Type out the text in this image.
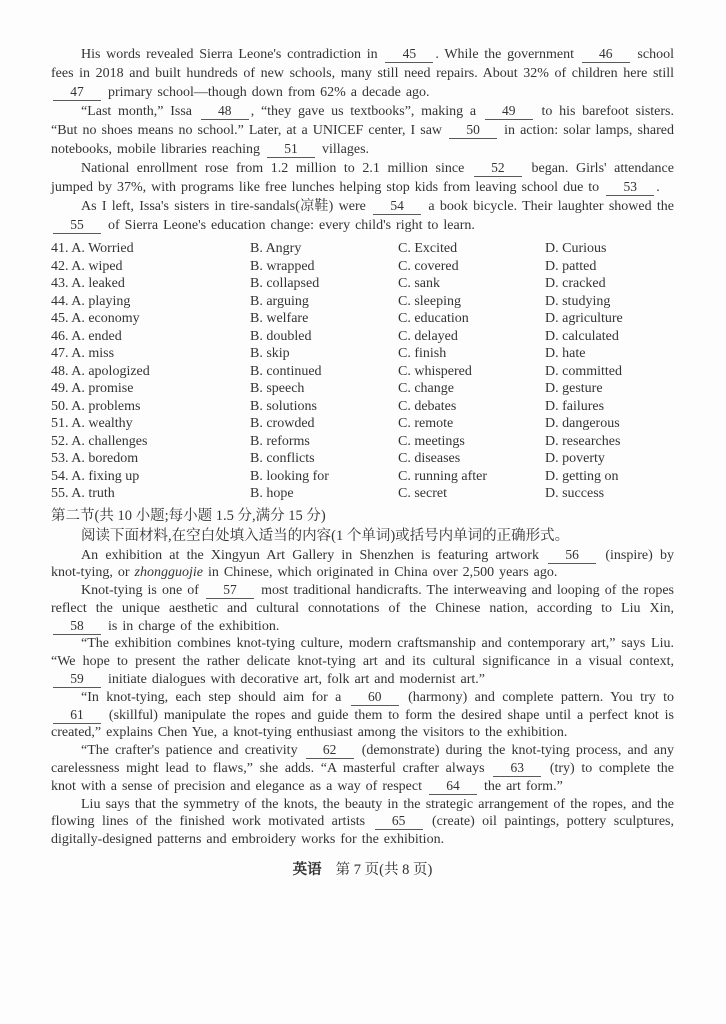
His words revealed Sierra Leone's contradiction in 45 . While the government 46 school fees in 2018 and built hundreds of new schools, many still need repairs. About 32% of children here still 47 primary school—though down from 62% a decade ago.

“Last month,” Issa 48 , “they gave us textbooks”, making a 49 to his barefoot sisters. “But no shoes means no school.” Later, at a UNICEF center, I saw 50 in action: solar lamps, shared notebooks, mobile libraries reaching 51 villages.

National enrollment rose from 1.2 million to 2.1 million since 52 began. Girls' attendance jumped by 37%, with programs like free lunches helping stop kids from leaving school due to 53 .

As I left, Issa's sisters in tire-sandals(凉鞋) were 54 a book bicycle. Their laughter showed the 55 of Sierra Leone's education change: every child's right to learn.

41. A. Worried	B. Angry	C. Excited	D. Curious
42. A. wiped	B. wrapped	C. covered	D. patted
43. A. leaked	B. collapsed	C. sank	D. cracked
44. A. playing	B. arguing	C. sleeping	D. studying
45. A. economy	B. welfare	C. education	D. agriculture
46. A. ended	B. doubled	C. delayed	D. calculated
47. A. miss	B. skip	C. finish	D. hate
48. A. apologized	B. continued	C. whispered	D. committed
49. A. promise	B. speech	C. change	D. gesture
50. A. problems	B. solutions	C. debates	D. failures
51. A. wealthy	B. crowded	C. remote	D. dangerous
52. A. challenges	B. reforms	C. meetings	D. researches
53. A. boredom	B. conflicts	C. diseases	D. poverty
54. A. fixing up	B. looking for	C. running after	D. getting on
55. A. truth	B. hope	C. secret	D. success

第二节(共 10 小题;每小题 1.5 分,满分 15 分)

阅读下面材料,在空白处填入适当的内容(1 个单词)或括号内单词的正确形式。

An exhibition at the Xingyun Art Gallery in Shenzhen is featuring artwork 56 (inspire) by knot-tying, or zhongguojie in Chinese, which originated in China over 2,500 years ago.

Knot-tying is one of 57 most traditional handicrafts. The interweaving and looping of the ropes reflect the unique aesthetic and cultural connotations of the Chinese nation, according to Liu Xin, 58 is in charge of the exhibition.

“The exhibition combines knot-tying culture, modern craftsmanship and contemporary art,” says Liu. “We hope to present the rather delicate knot-tying art and its cultural significance in a visual context, 59 initiate dialogues with decorative art, folk art and modernist art.”

“In knot-tying, each step should aim for a 60 (harmony) and complete pattern. You try to 61 (skillful) manipulate the ropes and guide them to form the desired shape until a perfect knot is created,” explains Chen Yue, a knot-tying enthusiast among the visitors to the exhibition.

“The crafter's patience and creativity 62 (demonstrate) during the knot-tying process, and any carelessness might lead to flaws,” she adds. “A masterful crafter always 63 (try) to complete the knot with a sense of precision and elegance as a way of respect 64 the art form.”

Liu says that the symmetry of the knots, the beauty in the strategic arrangement of the ropes, and the flowing lines of the finished work motivated artists 65 (create) oil paintings, pottery sculptures, digitally-designed patterns and embroidery works for the exhibition.

英语 第 7 页(共 8 页)
